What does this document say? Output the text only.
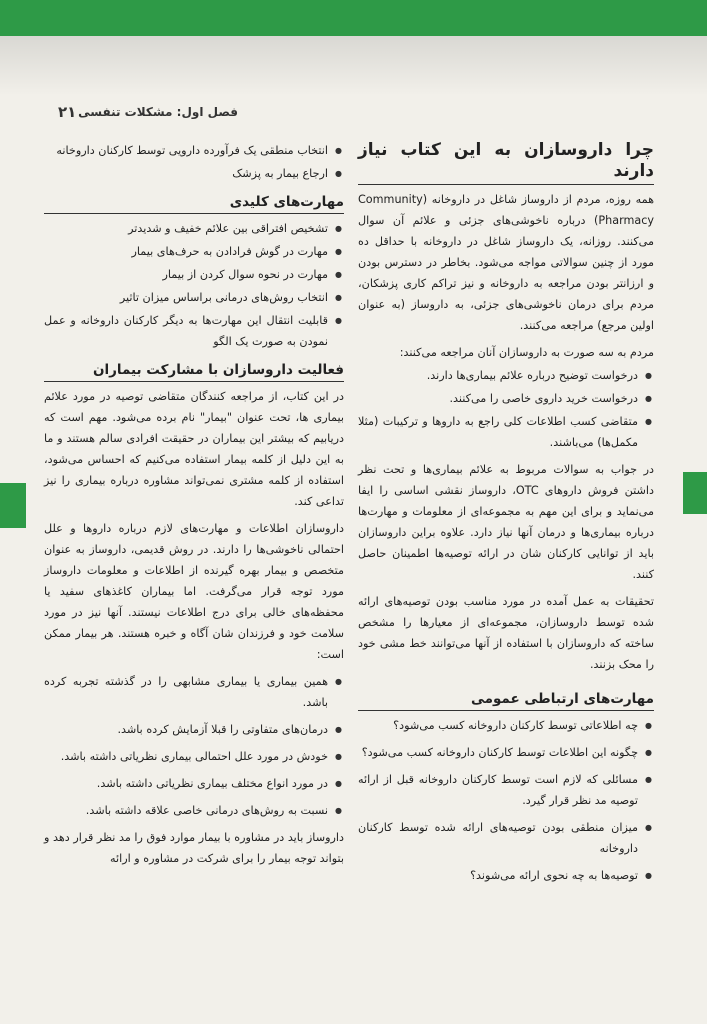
۲۱ فصل اول: مشکلات تنفسی
چرا داروسازان به این کتاب نیاز دارند

همه روزه، مردم از داروساز شاغل در داروخانه (Community Pharmacy) درباره ناخوشی‌های جزئی و علائم آن سوال می‌کنند. روزانه، یک داروساز شاغل در داروخانه با حداقل ده مورد از چنین سوالاتی مواجه می‌شود. بخاطر در دسترس بودن و ارزانتر بودن مراجعه به داروخانه و نیز تراکم کاری پزشکان، مردم برای درمان ناخوشی‌های جزئی، به داروساز (به عنوان اولین مرجع) مراجعه می‌کنند.

مردم به سه صورت به داروسازان آنان مراجعه می‌کنند:

● درخواست توضیح درباره علائم بیماری‌ها دارند.
● درخواست خرید داروی خاصی را می‌کنند.
● متقاضی کسب اطلاعات کلی راجع به داروها و ترکیبات (مثلا مکمل‌ها) می‌باشند.

در جواب به سوالات مربوط به علائم بیماری‌ها و تحت نظر داشتن فروش داروهای OTC، داروساز نقشی اساسی را ایفا می‌نماید و برای این مهم به مجموعه‌ای از معلومات و مهارت‌ها درباره بیماری‌ها و درمان آنها نیاز دارد. علاوه براین داروسازان باید از توانایی کارکنان شان در ارائه توصیه‌ها اطمینان حاصل کنند.

تحقیقات به عمل آمده در مورد مناسب بودن توصیه‌های ارائه شده توسط داروسازان، مجموعه‌ای از معیارها را مشخص ساخته که داروسازان با استفاده از آنها می‌توانند خط مشی خود را محک بزنند.

مهارت‌های ارتباطی عمومی
● چه اطلاعاتی توسط کارکنان داروخانه کسب می‌شود؟
● چگونه این اطلاعات توسط کارکنان داروخانه کسب می‌شود؟
● مسائلی که لازم است توسط کارکنان داروخانه قبل از ارائه توصیه مد نظر قرار گیرد.
● میزان منطقی بودن توصیه‌های ارائه شده توسط کارکنان داروخانه
● توصیه‌ها به چه نحوی ارائه می‌شوند؟
● انتخاب منطقی یک فرآورده دارویی توسط کارکنان داروخانه
● ارجاع بیمار به پزشک
مهارت‌های کلیدی
● تشخیص افتراقی بین علائم خفیف و شدیدتر
● مهارت در گوش فرادادن به حرف‌های بیمار
● مهارت در نحوه سوال کردن از بیمار
● انتخاب روش‌های درمانی براساس میزان تاثیر
● قابلیت انتقال این مهارت‌ها به دیگر کارکنان داروخانه و عمل نمودن به صورت یک الگو
فعالیت داروسازان با مشارکت بیماران

در این کتاب، از مراجعه کنندگان متقاضی توصیه در مورد علائم بیماری ها، تحت عنوان "بیمار" نام برده می‌شود. مهم است که دریابیم که بیشتر این بیماران در حقیقت افرادی سالم هستند و ما به این دلیل از کلمه بیمار استفاده می‌کنیم که احساس می‌شود، استفاده از کلمه مشتری نمی‌تواند مشاوره درباره بیماری را نیز تداعی کند.

داروسازان اطلاعات و مهارت‌های لازم درباره داروها و علل احتمالی ناخوشی‌ها را دارند. در روش قدیمی، داروساز به عنوان متخصص و بیمار بهره گیرنده از اطلاعات و معلومات داروساز مورد توجه قرار می‌گرفت. اما بیماران کاغذهای سفید یا محفظه‌های خالی برای درج اطلاعات نیستند. آنها نیز در مورد سلامت خود و فرزندان شان آگاه و خبره هستند. هر بیمار ممکن است:

● همین بیماری یا بیماری مشابهی را در گذشته تجربه کرده باشد.
● درمان‌های متفاوتی را قبلا آزمایش کرده باشد.
● خودش در مورد علل احتمالی بیماری نظریاتی داشته باشد.
● در مورد انواع مختلف بیماری نظریاتی داشته باشد.
● نسبت به روش‌های درمانی خاصی علاقه داشته باشد.

داروساز باید در مشاوره با بیمار موارد فوق را مد نظر قرار دهد و بتواند توجه بیمار را برای شرکت در مشاوره و ارائه
